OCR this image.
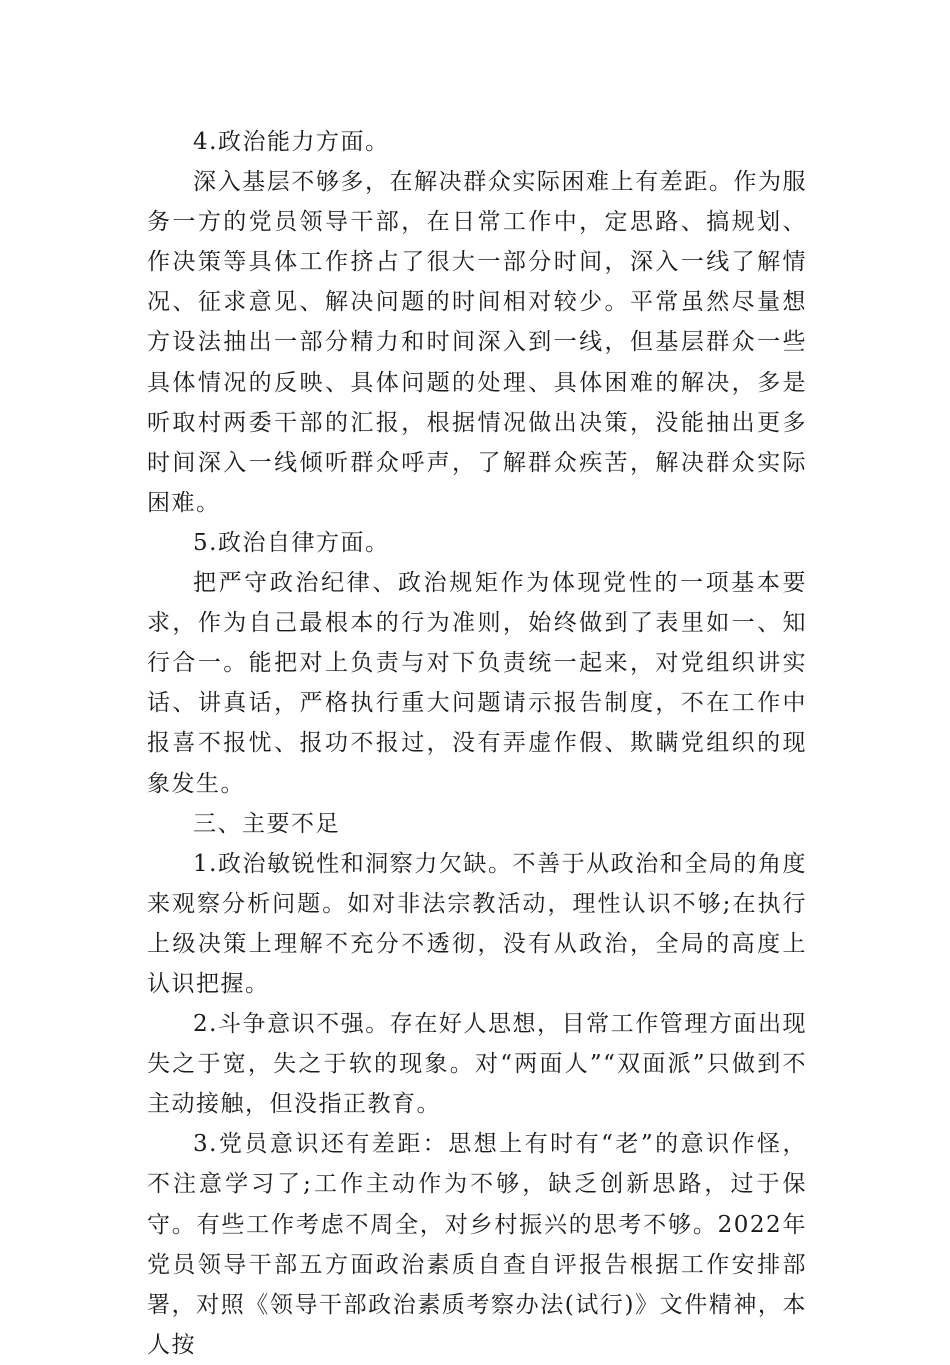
4.政治能力方面。

深入基层不够多，在解决群众实际困难上有差距。作为服务一方的党员领导干部，在日常工作中，定思路、搞规划、作决策等具体工作挤占了很大一部分时间，深入一线了解情况、征求意见、解决问题的时间相对较少。平常虽然尽量想方设法抽出一部分精力和时间深入到一线，但基层群众一些具体情况的反映、具体问题的处理、具体困难的解决，多是听取村两委干部的汇报，根据情况做出决策，没能抽出更多时间深入一线倾听群众呼声，了解群众疾苦，解决群众实际困难。

5.政治自律方面。

把严守政治纪律、政治规矩作为体现党性的一项基本要求，作为自己最根本的行为准则，始终做到了表里如一、知行合一。能把对上负责与对下负责统一起来，对党组织讲实话、讲真话，严格执行重大问题请示报告制度，不在工作中报喜不报忧、报功不报过，没有弄虚作假、欺瞒党组织的现象发生。

三、主要不足

1.政治敏锐性和洞察力欠缺。不善于从政治和全局的角度来观察分析问题。如对非法宗教活动，理性认识不够;在执行上级决策上理解不充分不透彻，没有从政治，全局的高度上认识把握。

2.斗争意识不强。存在好人思想，目常工作管理方面出现失之于宽，失之于软的现象。对“两面人”“双面派”只做到不主动接触，但没指正教育。

3.党员意识还有差距：思想上有时有“老”的意识作怪，不注意学习了;工作主动作为不够，缺乏创新思路，过于保守。有些工作考虑不周全，对乡村振兴的思考不够。2022年党员领导干部五方面政治素质自查自评报告根据工作安排部署，对照《领导干部政治素质考察办法(试行)》文件精神，本人按
